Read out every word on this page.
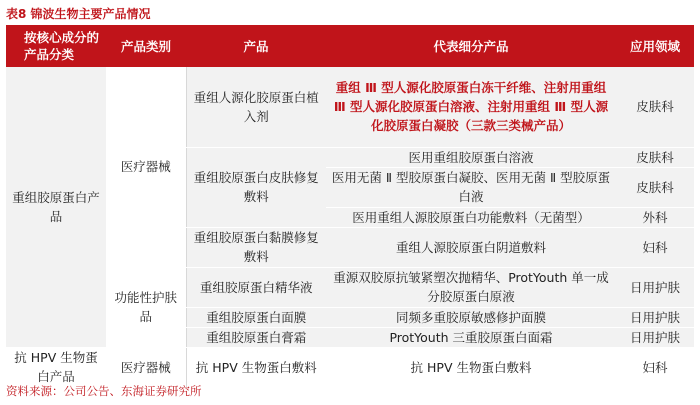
表8 锦波生物主要产品情况
按核心成分的产品分类	产品类别	产品	代表细分产品	应用领域
重组胶原蛋白产品	医疗器械	重组人源化胶原蛋白植入剂	重组 Ⅲ 型人源化胶原蛋白冻干纤维、注射用重组 Ⅲ 型人源化胶原蛋白溶液、注射用重组 Ⅲ 型人源化胶原蛋白凝胶（三款三类械产品）	皮肤科
		重组胶原蛋白皮肤修复敷料	医用重组胶原蛋白溶液	皮肤科
			医用无菌 Ⅱ 型胶原蛋白凝胶、医用无菌 Ⅱ 型胶原蛋白液	皮肤科
			医用重组人源胶原蛋白功能敷料（无菌型）	外科
		重组胶原蛋白黏膜修复敷料	重组人源胶原蛋白阴道敷料	妇科
	功能性护肤品	重组胶原蛋白精华液	重源双胶原抗皱紧塑次抛精华、ProtYouth 单一成分胶原蛋白原液	日用护肤
		重组胶原蛋白面膜	同频多重胶原敏感修护面膜	日用护肤
		重组胶原蛋白膏霜	ProtYouth 三重胶原蛋白面霜	日用护肤
抗 HPV 生物蛋白产品	医疗器械	抗 HPV 生物蛋白敷料	抗 HPV 生物蛋白敷料	妇科
资料来源：公司公告、东海证券研究所
